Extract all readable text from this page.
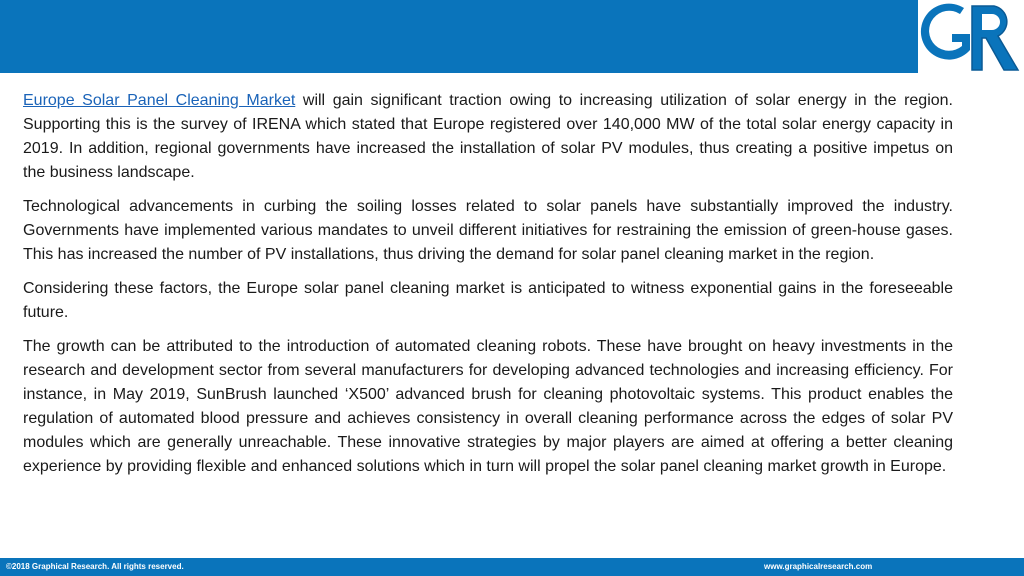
Europe Solar Panel Cleaning Market will gain significant traction owing to increasing utilization of solar energy in the region. Supporting this is the survey of IRENA which stated that Europe registered over 140,000 MW of the total solar energy capacity in 2019. In addition, regional governments have increased the installation of solar PV modules, thus creating a positive impetus on the business landscape.

Technological advancements in curbing the soiling losses related to solar panels have substantially improved the industry. Governments have implemented various mandates to unveil different initiatives for restraining the emission of green-house gases. This has increased the number of PV installations, thus driving the demand for solar panel cleaning market in the region.

Considering these factors, the Europe solar panel cleaning market is anticipated to witness exponential gains in the foreseeable future.

The growth can be attributed to the introduction of automated cleaning robots. These have brought on heavy investments in the research and development sector from several manufacturers for developing advanced technologies and increasing efficiency. For instance, in May 2019, SunBrush launched ‘X500’ advanced brush for cleaning photovoltaic systems. This product enables the regulation of automated blood pressure and achieves consistency in overall cleaning performance across the edges of solar PV modules which are generally unreachable. These innovative strategies by major players are aimed at offering a better cleaning experience by providing flexible and enhanced solutions which in turn will propel the solar panel cleaning market growth in Europe.

©2018 Graphical Research. All rights reserved.	www.graphicalresearch.com
